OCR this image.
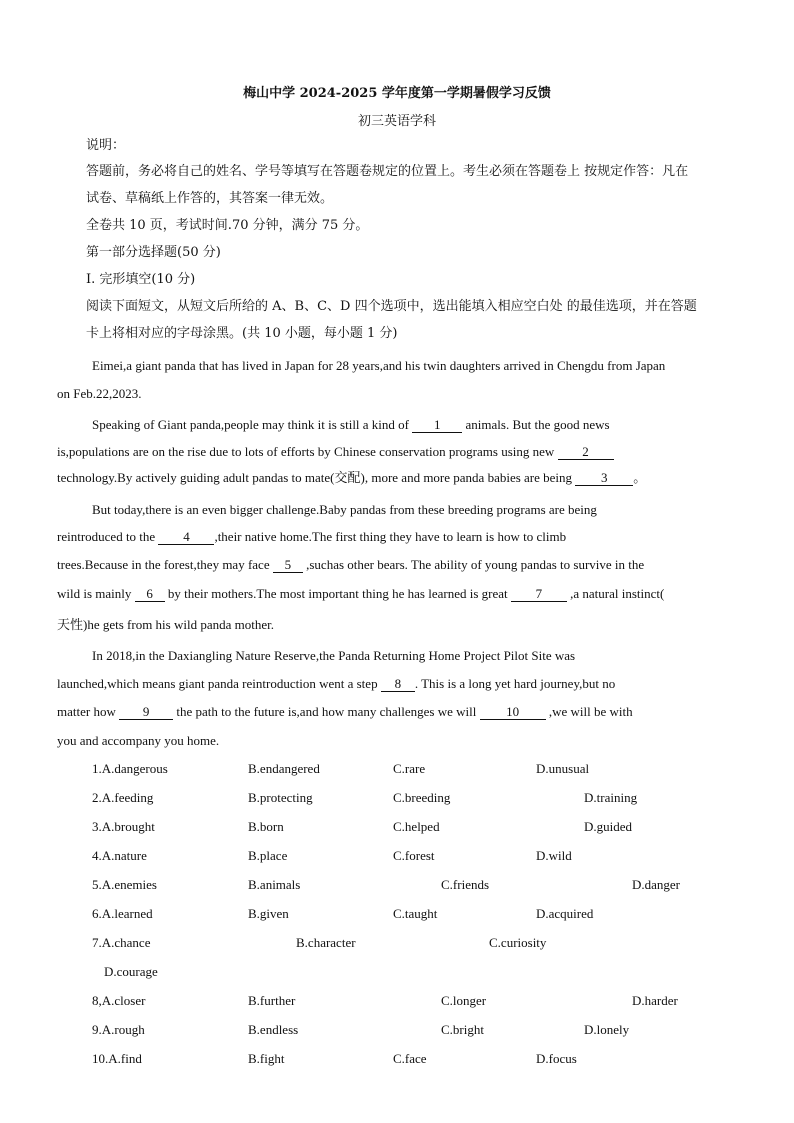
梅山中学 2024-2025 学年度第一学期暑假学习反馈
初三英语学科
说明：
答题前，务必将自己的姓名、学号等填写在答题卷规定的位置上。考生必须在答题卷上 按规定作答：凡在
试卷、草稿纸上作答的，其答案一律无效。
全卷共 10 页，考试时间.70 分钟，满分 75 分。
第一部分选择题(50 分)
I. 完形填空(10 分)
阅读下面短文，从短文后所给的 A、B、C、D 四个选项中，选出能填入相应空白处 的最佳选项，并在答题
卡上将相对应的字母涂黑。(共 10 小题，每小题 1 分)
Eimei,a giant panda that has lived in Japan for 28 years,and his twin daughters arrived in Chengdu from Japan
on Feb.22,2023.
Speaking of Giant panda,people may think it is still a kind of 1 animals. But the good news
is,populations are on the rise due to lots of efforts by Chinese conservation programs using new 2
technology.By actively guiding adult pandas to mate(交配), more and more panda babies are being 3 。
But today,there is an even bigger challenge.Baby pandas from these breeding programs are being
reintroduced to the 4 ,their native home.The first thing they have to learn is how to climb
trees.Because in the forest,they may face 5 ,suchas other bears. The ability of young pandas to survive in the
wild is mainly 6 by their mothers.The most important thing he has learned is great 7 ,a natural instinct(
天性)he gets from his wild panda mother.
In 2018,in the Daxiangling Nature Reserve,the Panda Returning Home Project Pilot Site was
launched,which means giant panda reintroduction went a step 8 . This is a long yet hard journey,but no
matter how 9 the path to the future is,and how many challenges we will 10 ,we will be with
you and accompany you home.
1.A.dangerous	B.endangered	C.rare	D.unusual
2.A.feeding	B.protecting	C.breeding	D.training
3.A.brought	B.born	C.helped	D.guided
4.A.nature	B.place	C.forest	D.wild
5.A.enemies	B.animals	C.friends	D.danger
6.A.learned	B.given	C.taught	D.acquired
7.A.chance	B.character	C.curiosity
D.courage
8,A.closer	B.further	C.longer	D.harder
9.A.rough	B.endless	C.bright	D.lonely
10.A.find	B.fight	C.face	D.focus
